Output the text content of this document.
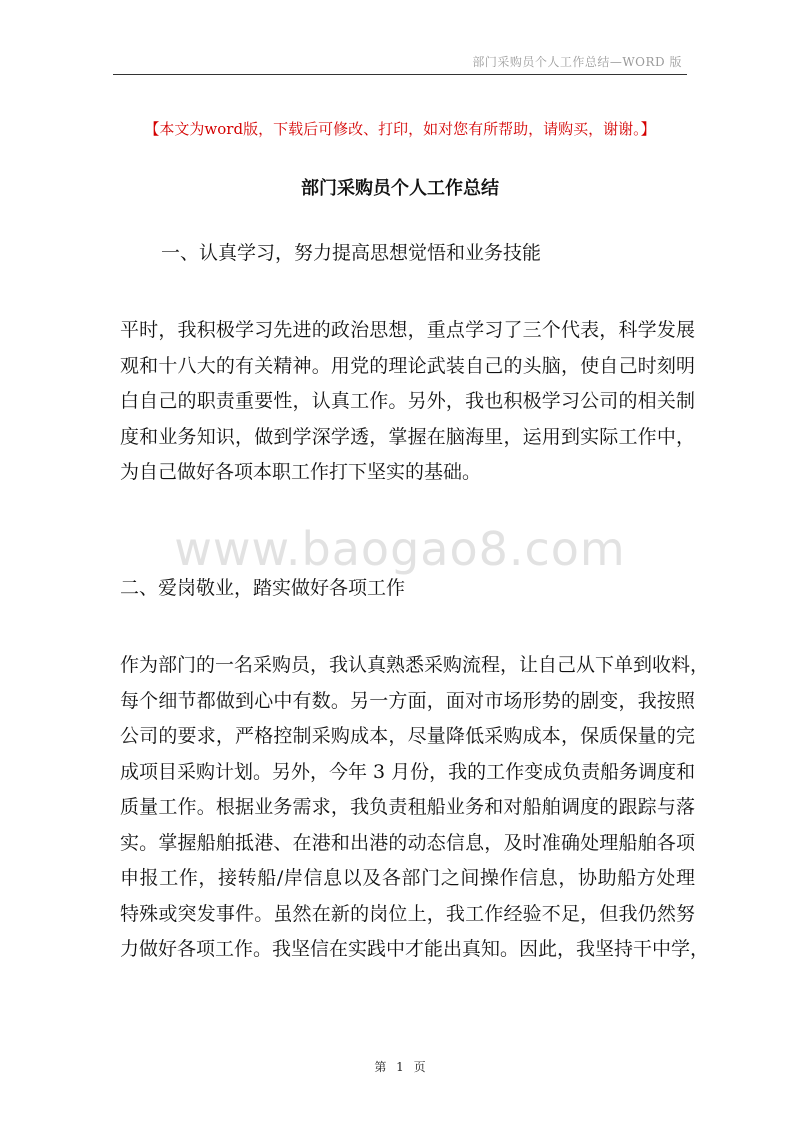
部门采购员个人工作总结—WORD 版
【本文为word版，下载后可修改、打印，如对您有所帮助，请购买，谢谢。】
部门采购员个人工作总结
一、认真学习，努力提高思想觉悟和业务技能
平时，我积极学习先进的政治思想，重点学习了三个代表，科学发展
观和十八大的有关精神。用党的理论武装自己的头脑，使自己时刻明
白自己的职责重要性，认真工作。另外，我也积极学习公司的相关制
度和业务知识，做到学深学透，掌握在脑海里，运用到实际工作中，
为自己做好各项本职工作打下坚实的基础。
www.baogao8.com
二、爱岗敬业，踏实做好各项工作
作为部门的一名采购员，我认真熟悉采购流程，让自己从下单到收料，
每个细节都做到心中有数。另一方面，面对市场形势的剧变，我按照
公司的要求，严格控制采购成本，尽量降低采购成本，保质保量的完
成项目采购计划。另外，今年 3 月份，我的工作变成负责船务调度和
质量工作。根据业务需求，我负责租船业务和对船舶调度的跟踪与落
实。掌握船舶抵港、在港和出港的动态信息，及时准确处理船舶各项
申报工作，接转船/岸信息以及各部门之间操作信息，协助船方处理
特殊或突发事件。虽然在新的岗位上，我工作经验不足，但我仍然努
力做好各项工作。我坚信在实践中才能出真知。因此，我坚持干中学，
第 1 页
